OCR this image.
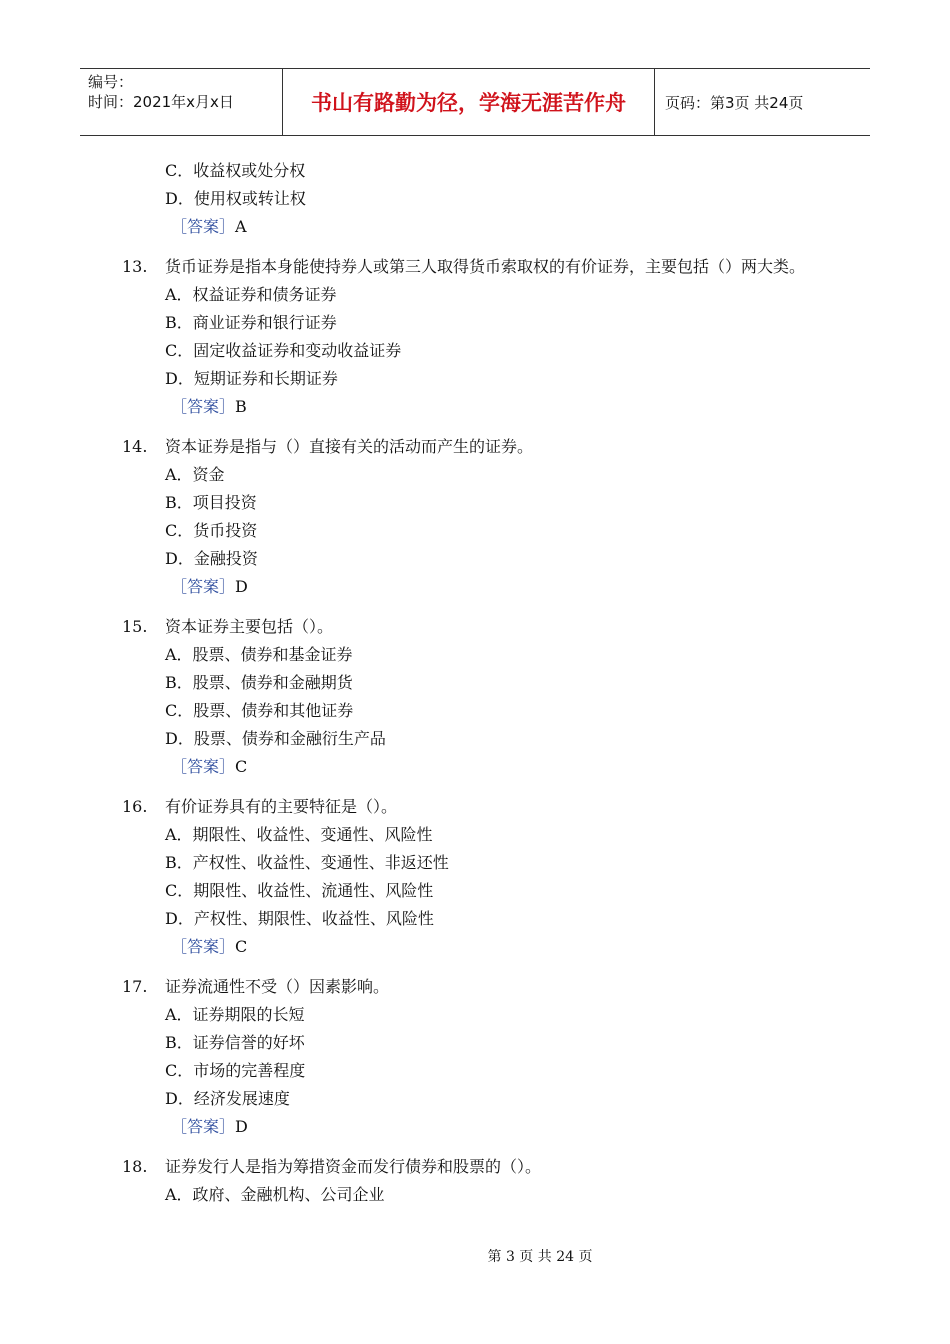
编号：
时间：2021年x月x日	书山有路勤为径，学海无涯苦作舟	页码：第3页 共24页
C．收益权或处分权
D．使用权或转让权
［答案］A
13.	货币证券是指本身能使持券人或第三人取得货币索取权的有价证券，主要包括（）两大类。
A．权益证券和债务证券
B．商业证券和银行证券
C．固定收益证券和变动收益证券
D．短期证券和长期证券
［答案］B
14.	资本证券是指与（）直接有关的活动而产生的证券。
A．资金
B．项目投资
C．货币投资
D．金融投资
［答案］D
15.	资本证券主要包括（）。
A．股票、债券和基金证券
B．股票、债券和金融期货
C．股票、债券和其他证券
D．股票、债券和金融衍生产品
［答案］C
16.	有价证券具有的主要特征是（）。
A．期限性、收益性、变通性、风险性
B．产权性、收益性、变通性、非返还性
C．期限性、收益性、流通性、风险性
D．产权性、期限性、收益性、风险性
［答案］C
17.	证券流通性不受（）因素影响。
A．证券期限的长短
B．证券信誉的好坏
C．市场的完善程度
D．经济发展速度
［答案］D
18.	证券发行人是指为筹措资金而发行债券和股票的（）。
A．政府、金融机构、公司企业
第 3 页 共 24 页
